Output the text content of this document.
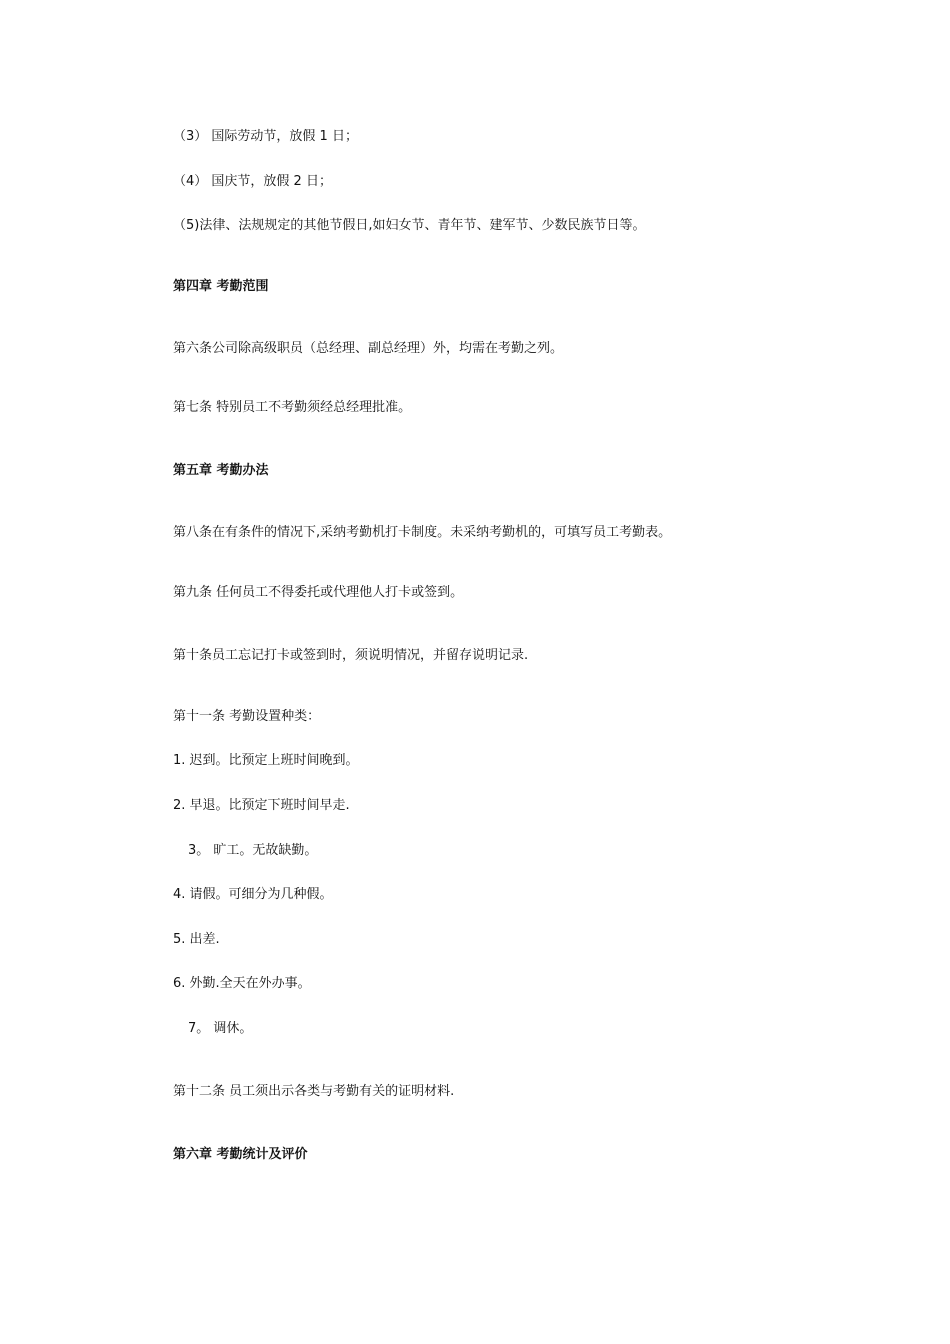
（3） 国际劳动节，放假 1 日；
（4） 国庆节，放假 2 日；
（5)法律、法规规定的其他节假日,如妇女节、青年节、建军节、少数民族节日等。
第四章 考勤范围
第六条公司除高级职员（总经理、副总经理）外，均需在考勤之列。
第七条 特别员工不考勤须经总经理批准。
第五章 考勤办法
第八条在有条件的情况下,采纳考勤机打卡制度。未采纳考勤机的，可填写员工考勤表。
第九条 任何员工不得委托或代理他人打卡或签到。
第十条员工忘记打卡或签到时，须说明情况，并留存说明记录.
第十一条 考勤设置种类：
1. 迟到。比预定上班时间晚到。
2. 早退。比预定下班时间早走.
3。 旷工。无故缺勤。
4. 请假。可细分为几种假。
5. 出差.
6. 外勤.全天在外办事。
7。 调休。
第十二条 员工须出示各类与考勤有关的证明材料.
第六章 考勤统计及评价
